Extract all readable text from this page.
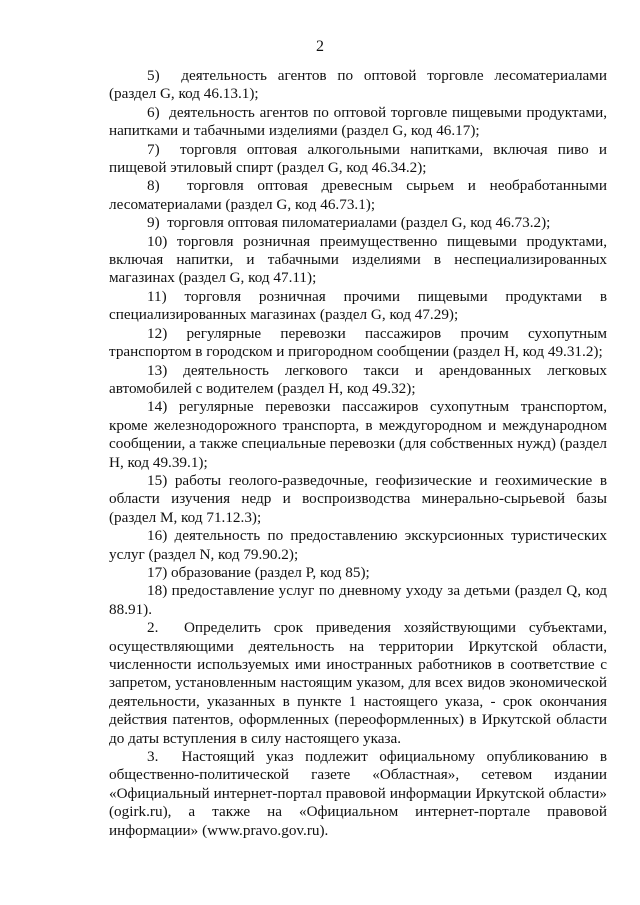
2

5)  деятельность агентов по оптовой торговле лесоматериалами (раздел G, код 46.13.1);

6)  деятельность агентов по оптовой торговле пищевыми продуктами, напитками и табачными изделиями (раздел G, код 46.17);

7)  торговля оптовая алкогольными напитками, включая пиво и пищевой этиловый спирт (раздел G, код 46.34.2);

8)  торговля оптовая древесным сырьем и необработанными лесоматериалами (раздел G, код 46.73.1);

9)  торговля оптовая пиломатериалами (раздел G, код 46.73.2);

10) торговля розничная преимущественно пищевыми продуктами, включая напитки, и табачными изделиями в неспециализированных магазинах (раздел G, код 47.11);

11) торговля розничная прочими пищевыми продуктами в специализированных магазинах (раздел G, код 47.29);

12) регулярные перевозки пассажиров прочим сухопутным транспортом в городском и пригородном сообщении (раздел H, код 49.31.2);

13) деятельность легкового такси и арендованных легковых автомобилей с водителем (раздел H, код 49.32);

14) регулярные перевозки пассажиров сухопутным транспортом, кроме железнодорожного транспорта, в междугородном и международном сообщении, а также специальные перевозки (для собственных нужд) (раздел H, код 49.39.1);

15) работы геолого-разведочные, геофизические и геохимические в области изучения недр и воспроизводства минерально-сырьевой базы (раздел M, код 71.12.3);

16) деятельность по предоставлению экскурсионных туристических услуг (раздел N, код 79.90.2);

17) образование (раздел P, код 85);

18) предоставление услуг по дневному уходу за детьми (раздел Q, код 88.91).

2.  Определить срок приведения хозяйствующими субъектами, осуществляющими деятельность на территории Иркутской области, численности используемых ими иностранных работников в соответствие с запретом, установленным настоящим указом, для всех видов экономической деятельности, указанных в пункте 1 настоящего указа, - срок окончания действия патентов, оформленных (переоформленных) в Иркутской области до даты вступления в силу настоящего указа.

3.  Настоящий указ подлежит официальному опубликованию в общественно-политической газете «Областная», сетевом издании «Официальный интернет-портал правовой информации Иркутской области» (ogirk.ru), а также на «Официальном интернет-портале правовой информации» (www.pravo.gov.ru).
